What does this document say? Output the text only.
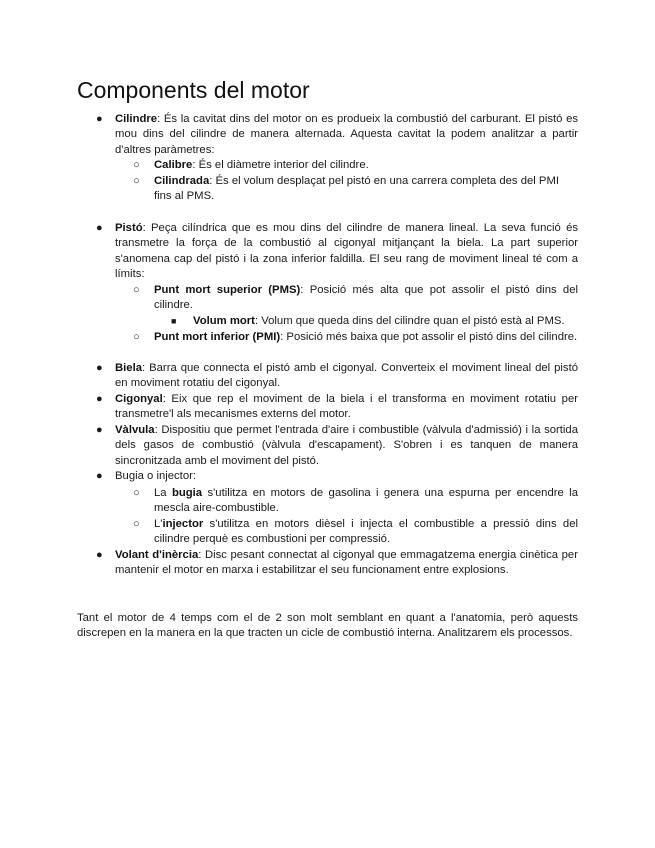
Components del motor
● Cilindre: És la cavitat dins del motor on es produeix la combustió del carburant. El pistó es mou dins del cilindre de manera alternada. Aquesta cavitat la podem analitzar a partir d'altres paràmetres:
○ Calibre: És el diàmetre interior del cilindre.
○ Cilindrada: És el volum desplaçat pel pistó en una carrera completa des del PMI fins al PMS.
● Pistó: Peça cilíndrica que es mou dins del cilindre de manera lineal. La seva funció és transmetre la força de la combustió al cigonyal mitjançant la biela. La part superior s'anomena cap del pistó i la zona inferior faldilla. El seu rang de moviment lineal té com a límits:
○ Punt mort superior (PMS): Posició més alta que pot assolir el pistó dins del cilindre.
■ Volum mort: Volum que queda dins del cilindre quan el pistó està al PMS.
○ Punt mort inferior (PMI): Posició més baixa que pot assolir el pistó dins del cilindre.
● Biela: Barra que connecta el pistó amb el cigonyal. Converteix el moviment lineal del pistó en moviment rotatiu del cigonyal.
● Cigonyal: Eix que rep el moviment de la biela i el transforma en moviment rotatiu per transmetre'l als mecanismes externs del motor.
● Vàlvula: Dispositiu que permet l'entrada d'aire i combustible (vàlvula d'admissió) i la sortida dels gasos de combustió (vàlvula d'escapament). S'obren i es tanquen de manera sincronitzada amb el moviment del pistó.
● Bugia o injector:
○ La bugia s'utilitza en motors de gasolina i genera una espurna per encendre la mescla aire-combustible.
○ L'injector s'utilitza en motors dièsel i injecta el combustible a pressió dins del cilindre perquè es combustioni per compressió.
● Volant d'inèrcia: Disc pesant connectat al cigonyal que emmagatzema energia cinètica per mantenir el motor en marxa i estabilitzar el seu funcionament entre explosions.

Tant el motor de 4 temps com el de 2 son molt semblant en quant a l'anatomia, però aquests discrepen en la manera en la que tracten un cicle de combustió interna. Analitzarem els processos.
